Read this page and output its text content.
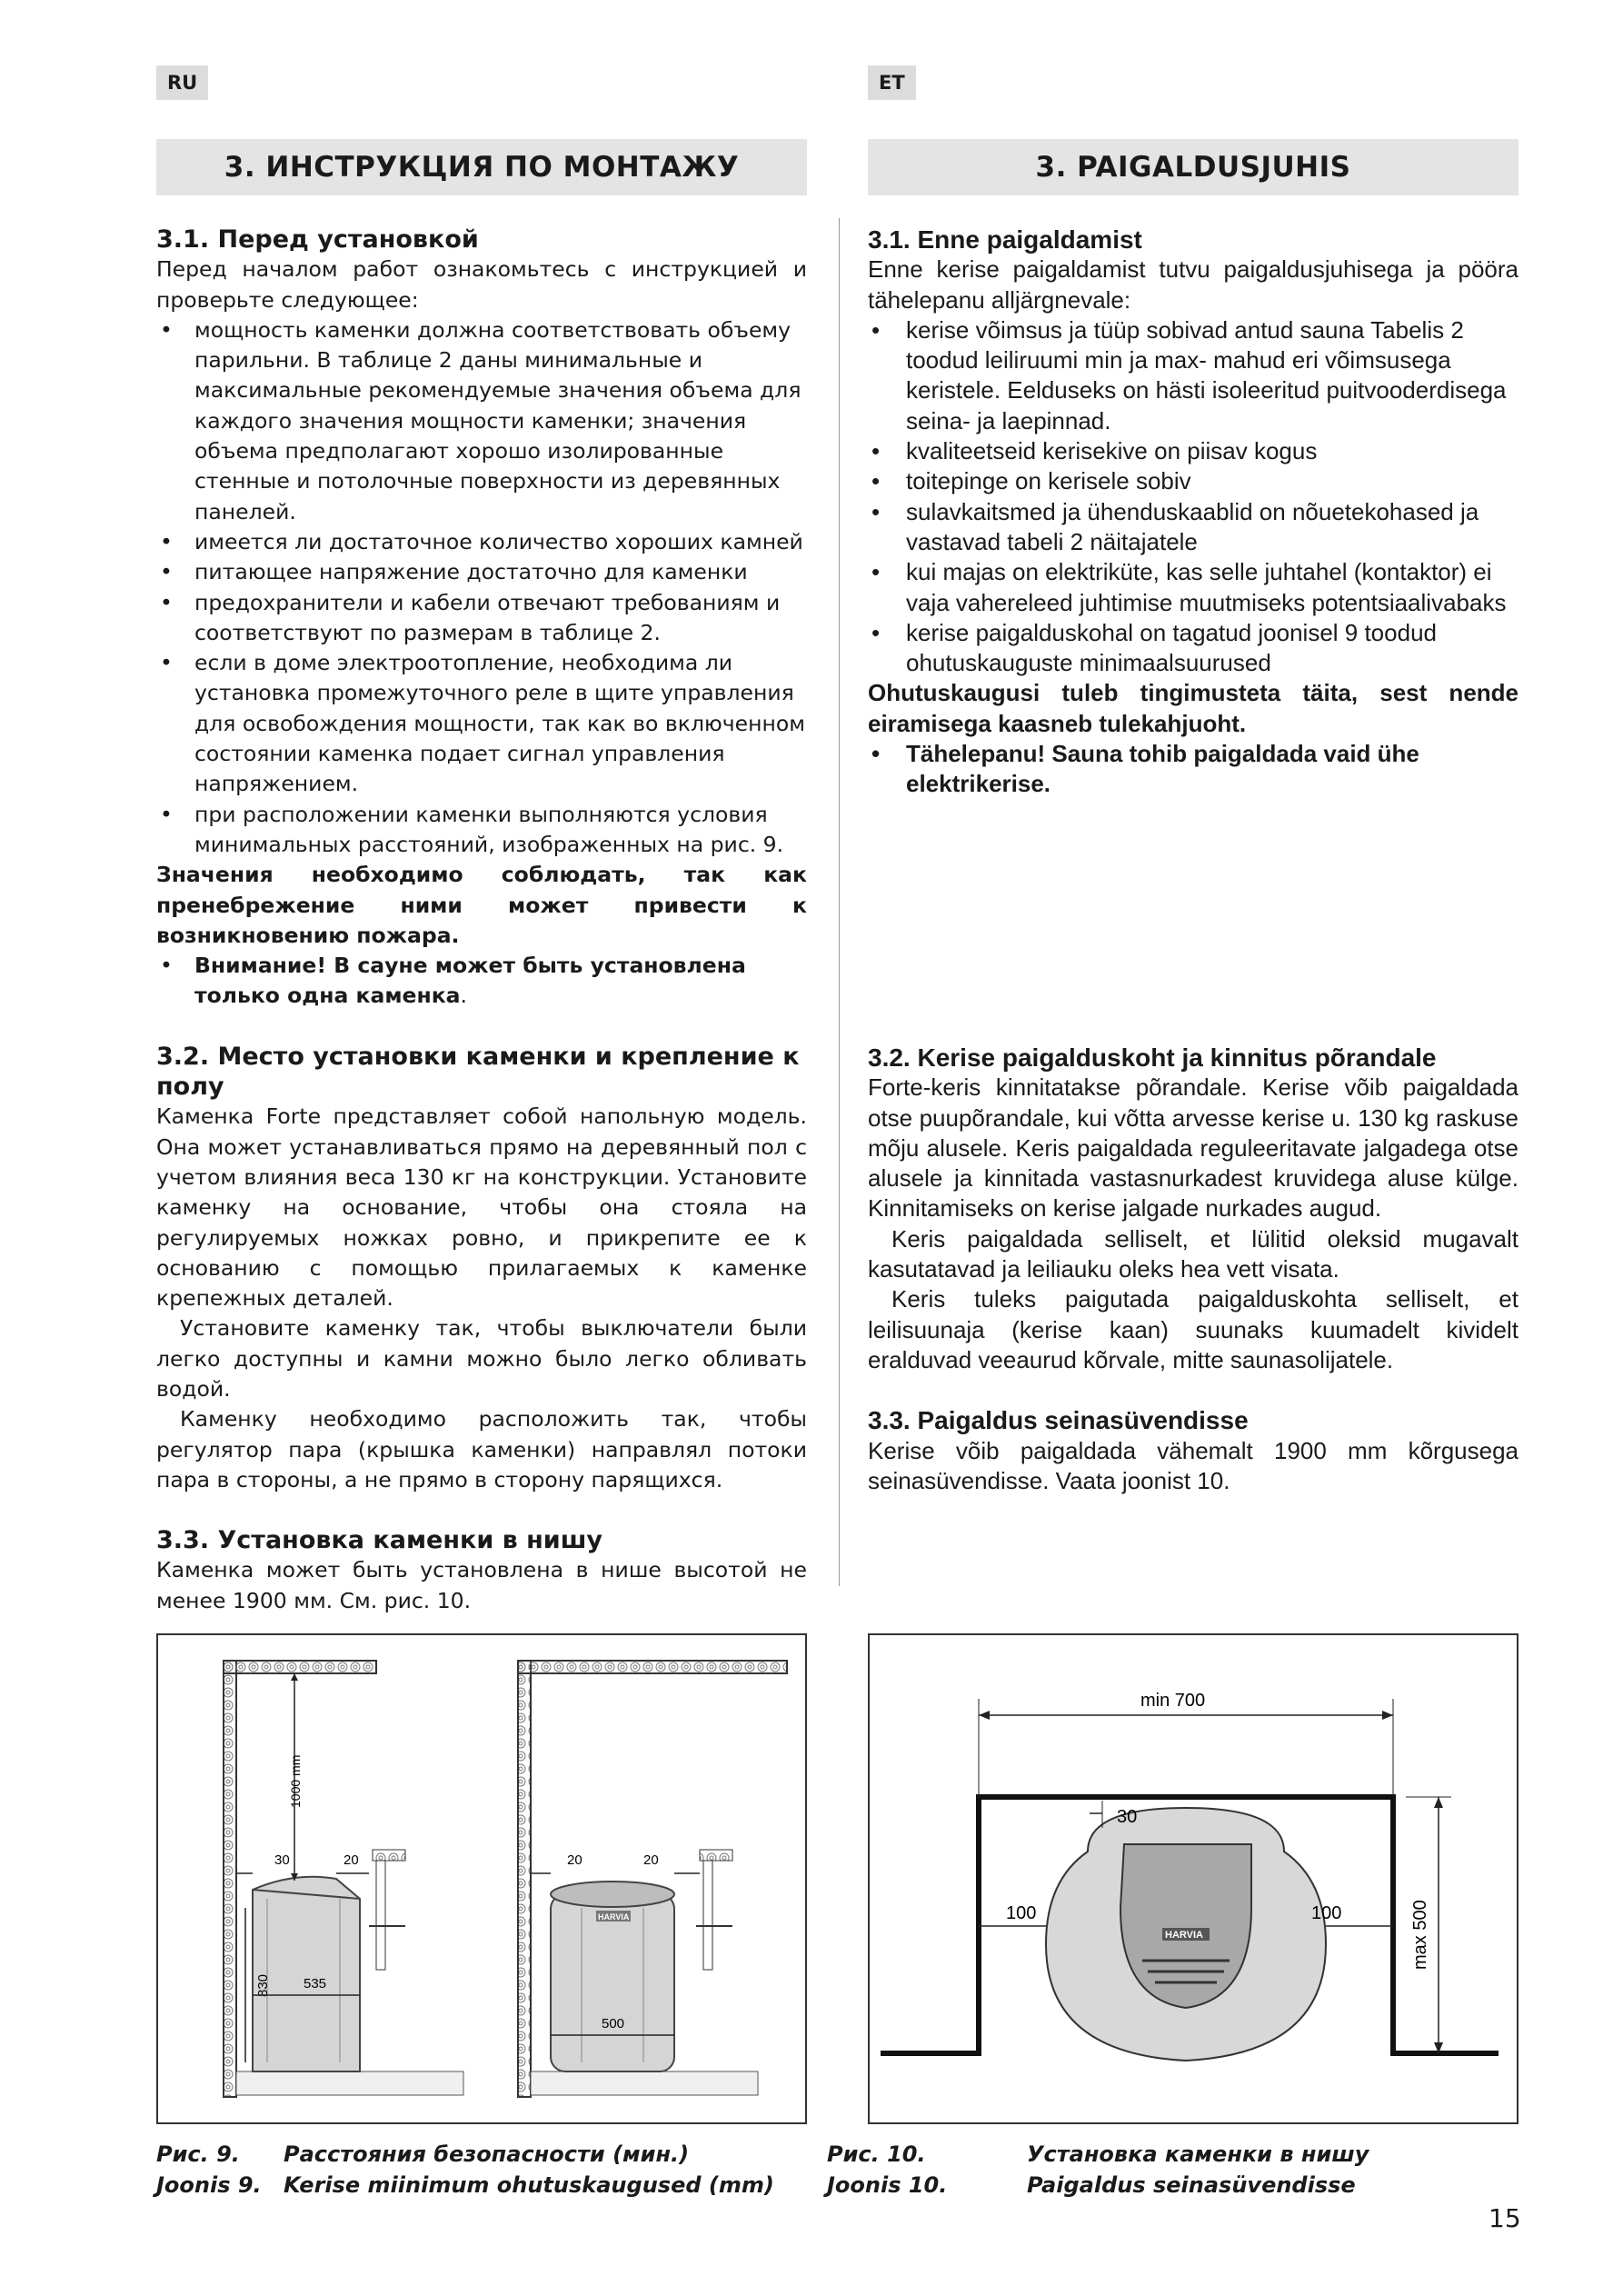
RU	ET
3. ИНСТРУКЦИЯ ПО МОНТАЖУ	3. PAIGALDUSJUHIS

3.1. Перед установкой

Перед началом работ ознакомьтесь с инструкцией и проверьте следующее:

• мощность каменки должна соответствовать объему парильни. В таблице 2 даны минимальные и максимальные рекомендуемые значения объема для каждого значения мощности каменки; значения объема предполагают хорошо изолированные стенные и потолочные поверхности из деревянных панелей.
• имеется ли достаточное количество хороших камней
• питающее напряжение достаточно для каменки
• предохранители и кабели отвечают требованиям и соответствуют по размерам в таблице 2.
• если в доме электроотопление, необходима ли установка промежуточного реле в щите управления для освобождения мощности, так как во включенном состоянии каменка подает сигнал управления напряжением.
• при расположении каменки выполняются условия минимальных расстояний, изображенных на рис. 9.

Значения необходимо соблюдать, так как пренебрежение ними может привести к возникновению пожара.

• Внимание! В сауне может быть установлена только одна каменка.

3.2. Место установки каменки и крепление к полу

Каменка Forte представляет собой напольную модель. Она может устанавливаться прямо на деревянный пол с учетом влияния веса 130 кг на конструкции. Установите каменку на основание, чтобы она стояла на регулируемых ножках ровно, и прикрепите ее к основанию с помощью прилагаемых к каменке крепежных деталей.

Установите каменку так, чтобы выключатели были легко доступны и камни можно было легко обливать водой.

Каменку необходимо расположить так, чтобы регулятор пара (крышка каменки) направлял потоки пара в стороны, а не прямо в сторону парящихся.

3.3. Установка каменки в нишу

Каменка может быть установлена в нише высотой не менее 1900 мм. См. рис. 10.

3.1. Enne paigaldamist

Enne kerise paigaldamist tutvu paigaldusjuhisega ja pööra tähelepanu alljärgnevale:

• kerise võimsus ja tüüp sobivad antud sauna Tabelis 2 toodud leiliruumi min ja max- mahud eri võimsusega keristele. Eelduseks on hästi isoleeritud puitvooderdisega seina- ja laepinnad.
• kvaliteetseid kerisekive on piisav kogus
• toitepinge on kerisele sobiv
• sulavkaitsmed ja ühenduskaablid on nõuetekohased ja vastavad tabeli 2 näitajatele
• kui majas on elektriküte, kas selle juhtahel (kontaktor) ei vaja vahereleed juhtimise muutmiseks potentsiaalivabaks
• kerise paigalduskohal on tagatud joonisel 9 toodud ohutuskauguste minimaalsuurused

Ohutuskaugusi tuleb tingimusteta täita, sest nende eiramisega kaasneb tulekahjuoht.

• Tähelepanu! Sauna tohib paigaldada vaid ühe elektrikerise.

3.2. Kerise paigalduskoht ja kinnitus põrandale

Forte-keris kinnitatakse põrandale. Kerise võib paigaldada otse puupõrandale, kui võtta arvesse kerise u. 130 kg raskuse mõju alusele. Keris paigaldada reguleeritavate jalgadega otse alusele ja kinnitada vastasnurkadest kruvidega aluse külge. Kinnitamiseks on kerise jalgade nurkades augud.

Keris paigaldada selliselt, et lülitid oleksid mugavalt kasutatavad ja leiliauku oleks hea vett visata.

Keris tuleks paigutada paigalduskohta selliselt, et leilisuunaja (kerise kaan) suunaks kuumadelt kividelt eralduvad veeaurud kõrvale, mitte saunasolijatele.

3.3. Paigaldus seinasüvendisse

Kerise võib paigaldada vähemalt 1900 mm kõrgusega seinasüvendisse. Vaata joonist 10.

1000 mm
30	20
830 535
HARVIA
20	20
500
min 700
HARVIA
30
100	100	max 500
Рис. 9. Расстояния безопасности (мин.)
Joonis 9. Kerise miinimum ohutuskaugused (mm)
Рис. 10.	Установка каменки в нишу
Joonis 10.	Paigaldus seinasüvendisse
15
